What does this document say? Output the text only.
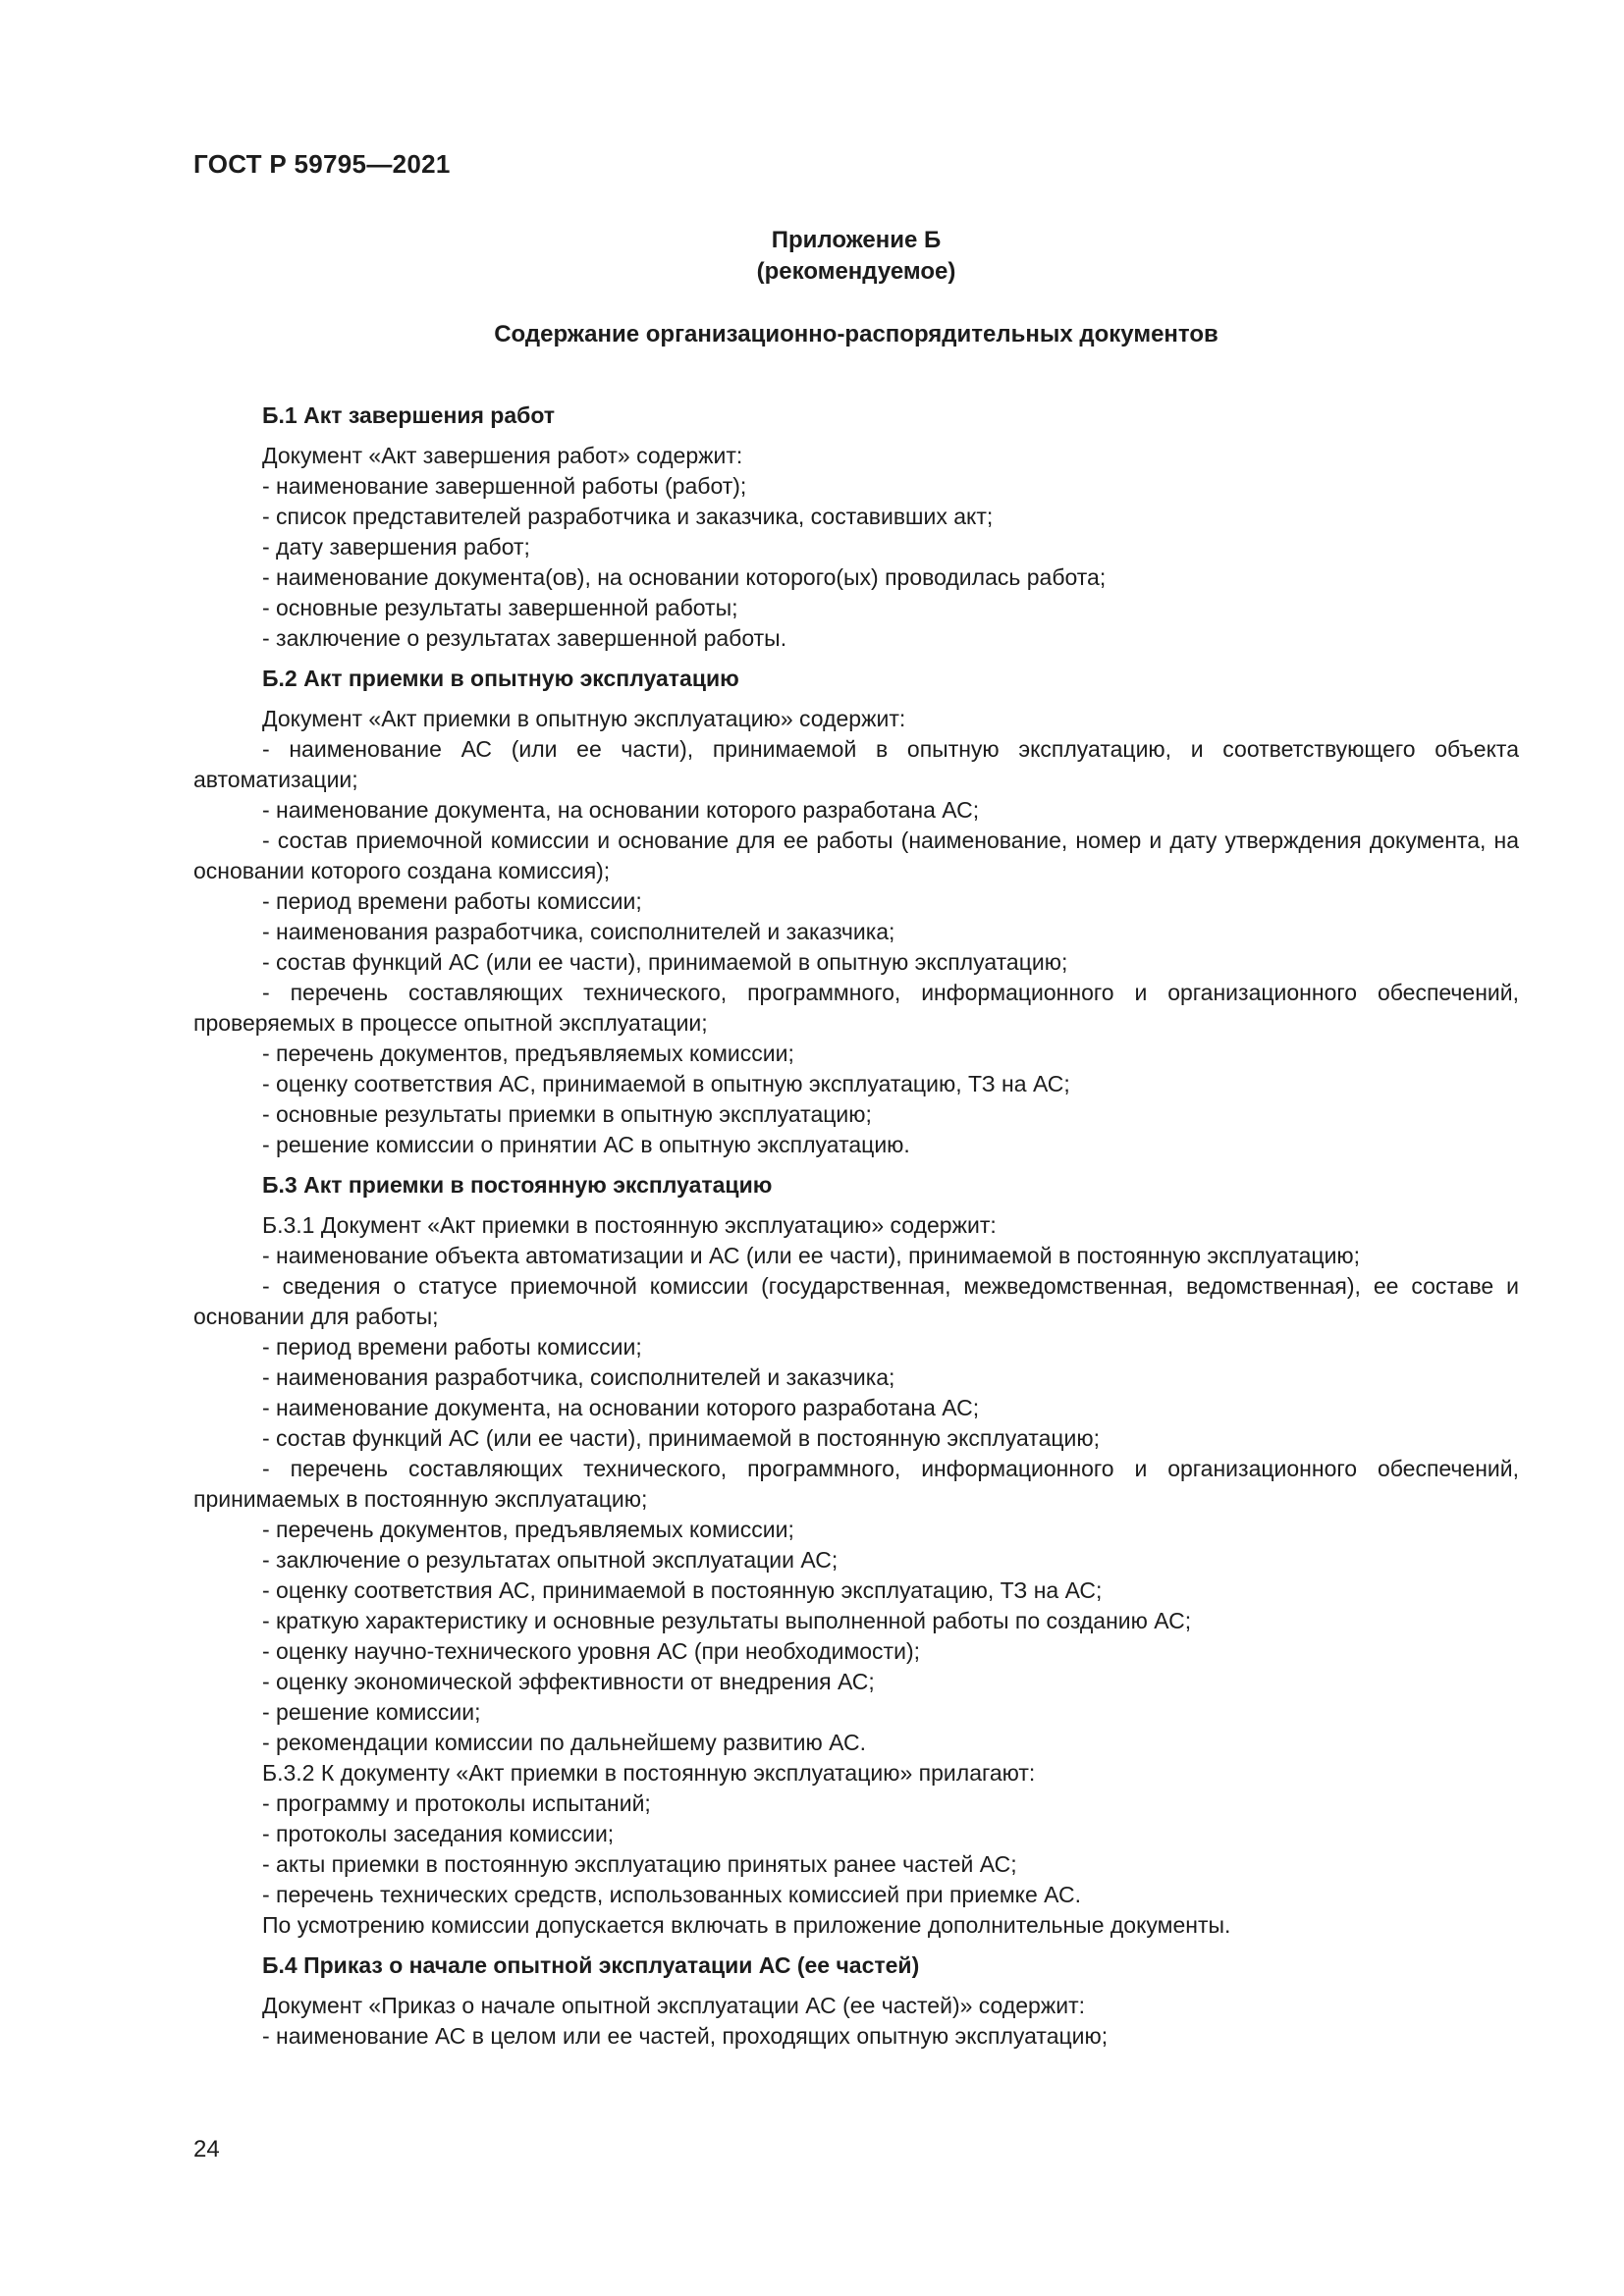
ГОСТ Р 59795—2021
Приложение Б
(рекомендуемое)
Содержание организационно-распорядительных документов
Б.1 Акт завершения работ
Документ «Акт завершения работ» содержит:
- наименование завершенной работы (работ);
- список представителей разработчика и заказчика, составивших акт;
- дату завершения работ;
- наименование документа(ов), на основании которого(ых) проводилась работа;
- основные результаты завершенной работы;
- заключение о результатах завершенной работы.
Б.2 Акт приемки в опытную эксплуатацию
Документ «Акт приемки в опытную эксплуатацию» содержит:
- наименование АС (или ее части), принимаемой в опытную эксплуатацию, и соответствующего объекта автоматизации;
- наименование документа, на основании которого разработана АС;
- состав приемочной комиссии и основание для ее работы (наименование, номер и дату утверждения документа, на основании которого создана комиссия);
- период времени работы комиссии;
- наименования разработчика, соисполнителей и заказчика;
- состав функций АС (или ее части), принимаемой в опытную эксплуатацию;
- перечень составляющих технического, программного, информационного и организационного обеспечений, проверяемых в процессе опытной эксплуатации;
- перечень документов, предъявляемых комиссии;
- оценку соответствия АС, принимаемой в опытную эксплуатацию, ТЗ на АС;
- основные результаты приемки в опытную эксплуатацию;
- решение комиссии о принятии АС в опытную эксплуатацию.
Б.3 Акт приемки в постоянную эксплуатацию
Б.3.1 Документ «Акт приемки в постоянную эксплуатацию» содержит:
- наименование объекта автоматизации и АС (или ее части), принимаемой в постоянную эксплуатацию;
- сведения о статусе приемочной комиссии (государственная, межведомственная, ведомственная), ее составе и основании для работы;
- период времени работы комиссии;
- наименования разработчика, соисполнителей и заказчика;
- наименование документа, на основании которого разработана АС;
- состав функций АС (или ее части), принимаемой в постоянную эксплуатацию;
- перечень составляющих технического, программного, информационного и организационного обеспечений, принимаемых в постоянную эксплуатацию;
- перечень документов, предъявляемых комиссии;
- заключение о результатах опытной эксплуатации АС;
- оценку соответствия АС, принимаемой в постоянную эксплуатацию, ТЗ на АС;
- краткую характеристику и основные результаты выполненной работы по созданию АС;
- оценку научно-технического уровня АС (при необходимости);
- оценку экономической эффективности от внедрения АС;
- решение комиссии;
- рекомендации комиссии по дальнейшему развитию АС.
Б.3.2 К документу «Акт приемки в постоянную эксплуатацию» прилагают:
- программу и протоколы испытаний;
- протоколы заседания комиссии;
- акты приемки в постоянную эксплуатацию принятых ранее частей АС;
- перечень технических средств, использованных комиссией при приемке АС.
По усмотрению комиссии допускается включать в приложение дополнительные документы.
Б.4 Приказ о начале опытной эксплуатации АС (ее частей)
Документ «Приказ о начале опытной эксплуатации АС (ее частей)» содержит:
- наименование АС в целом или ее частей, проходящих опытную эксплуатацию;
24
